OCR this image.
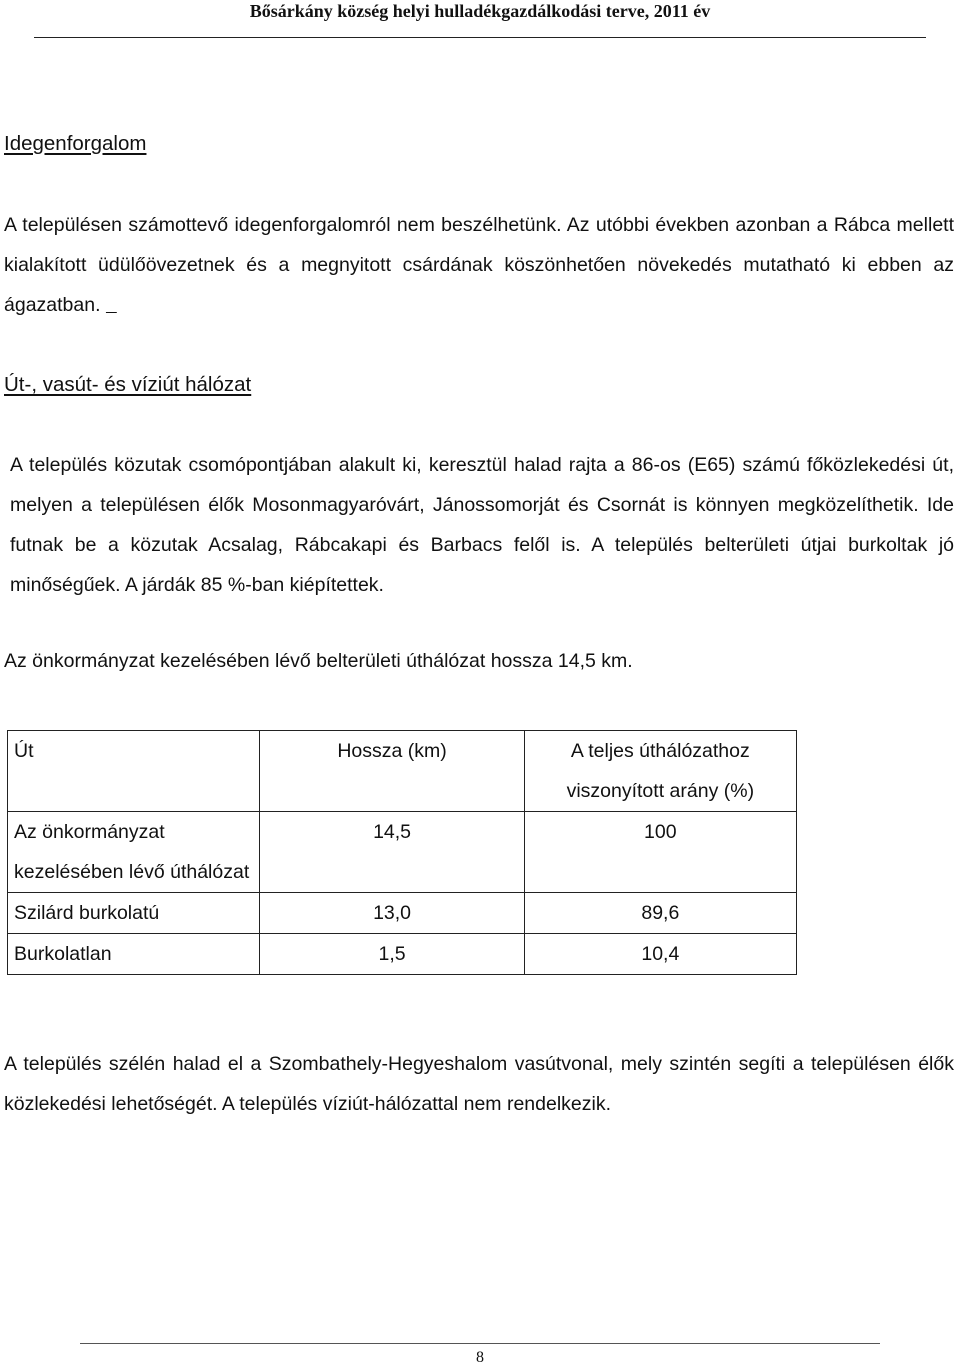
Bősárkány község helyi hulladékgazdálkodási terve, 2011 év
Idegenforgalom

A településen számottevő idegenforgalomról nem beszélhetünk. Az utóbbi években azonban a Rábca mellett kialakított üdülőövezetnek és a megnyitott csárdának köszönhetően növekedés mutatható ki ebben az ágazatban.

Út-, vasút- és víziút hálózat

A település közutak csomópontjában alakult ki, keresztül halad rajta a 86-os (E65) számú főközlekedési út, melyen a településen élők Mosonmagyaróvárt, Jánossomorját és Csornát is könnyen megközelíthetik. Ide futnak be a közutak Acsalag, Rábcakapi és Barbacs felől is. A település belterületi útjai burkoltak jó minőségűek. A járdák 85 %-ban kiépítettek.

Az önkormányzat kezelésében lévő belterületi úthálózat hossza 14,5 km.

Út	Hossza (km)	A teljes úthálózathoz viszonyított arány (%)
Az önkormányzat kezelésében lévő úthálózat	14,5	100
Szilárd burkolatú	13,0	89,6
Burkolatlan	1,5	10,4

A település szélén halad el a Szombathely-Hegyeshalom vasútvonal, mely szintén segíti a településen élők közlekedési lehetőségét. A település víziút-hálózattal nem rendelkezik.

8
